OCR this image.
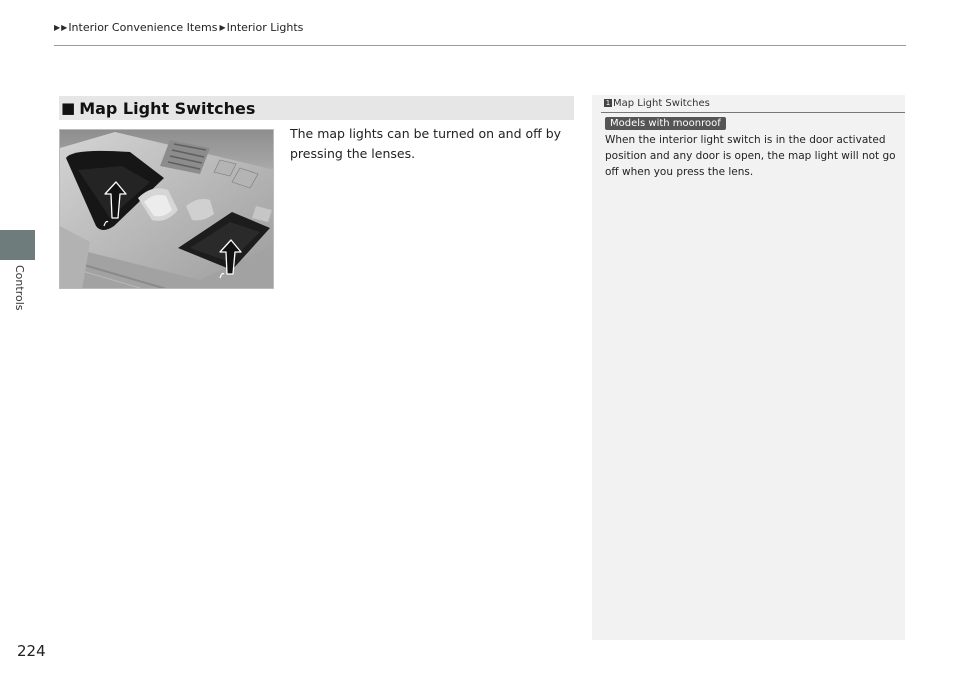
▶ ▶ Interior Convenience Items ▶ Interior Lights
Controls
■ Map Light Switches
The map lights can be turned on and off by pressing the lenses.
1 Map Light Switches
Models with moonroof
When the interior light switch is in the door activated position and any door is open, the map light will not go off when you press the lens.
224
